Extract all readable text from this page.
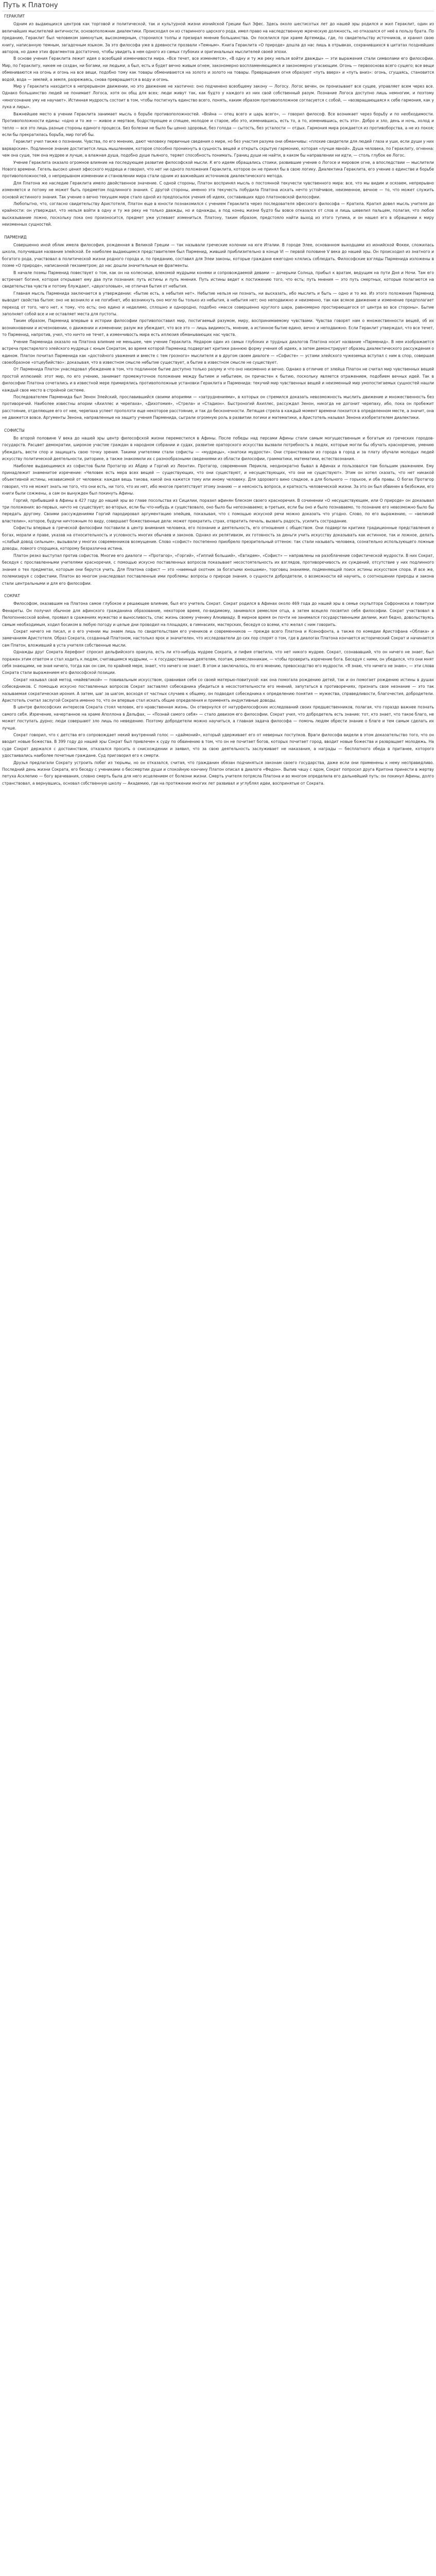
Путь к Платону

ГЕРАКЛИТ

Одним из выдающихся центров как торговой и политической, так и культурной жизни ионийской Греции был Эфес. Здесь около шестисотых лет до нашей эры родился и жил Гераклит, один из величайших мыслителей античности, основоположник диалектики. Происходил он из старинного царского рода, имел право на наследственную жреческую должность, но отказался от неё в пользу брата. По преданию, Гераклит был человеком замкнутым, высокомерным, сторонился толпы и презирал мнение большинства. Он поселился при храме Артемиды, где, по свидетельству источников, и хранил свою книгу, написанную темным, загадочным языком. За это философа уже в древности прозвали «Темным». Книга Гераклита «О природе» дошла до нас лишь в отрывках, сохранившихся в цитатах позднейших авторов, но даже этих фрагментов достаточно, чтобы увидеть в нем одного из самых глубоких и оригинальных мыслителей своей эпохи.

В основе учения Гераклита лежит идея о всеобщей изменчивости мира. «Все течет, все изменяется», «В одну и ту же реку нельзя войти дважды» — эти выражения стали символами его философии. Мир, по Гераклиту, никем не создан, ни богами, ни людьми, а был, есть и будет вечно живым огнем, закономерно воспламеняющимся и закономерно угасающим. Огонь — первооснова всего сущего; все вещи обмениваются на огонь и огонь на все вещи, подобно тому как товары обмениваются на золото и золото на товары. Превращения огня образуют «путь вверх» и «путь вниз»: огонь, сгущаясь, становится водой, вода — землей, а земля, разрежаясь, снова превращается в воду и огонь.

Мир у Гераклита находится в непрерывном движении, но это движение не хаотично: оно подчинено всеобщему закону — Логосу. Логос вечен, он пронизывает все сущее, управляет всем через все. Однако большинство людей не понимает Логоса, хотя он общ для всех; люди живут так, как будто у каждого из них свой собственный разум. Познание Логоса доступно лишь немногим, и поэтому «многознание уму не научает». Истинная мудрость состоит в том, чтобы постигнуть единство всего, понять, каким образом противоположное согласуется с собой, — «возвращающаяся к себе гармония, как у лука и лиры».

Важнейшее место в учении Гераклита занимает мысль о борьбе противоположностей. «Война — отец всего и царь всего», — говорил философ. Все возникает через борьбу и по необходимости. Противоположности едины: «одно и то же — живое и мертвое, бодрствующее и спящее, молодое и старое, ибо это, изменившись, есть то, а то, изменившись, есть это». Добро и зло, день и ночь, холод и тепло — все это лишь разные стороны единого процесса. Без болезни не было бы ценно здоровье, без голода — сытость, без усталости — отдых. Гармония мира рождается из противоборства, а не из покоя; если бы прекратилась борьба, мир погиб бы.

Гераклит учил также о познании. Чувства, по его мнению, дают человеку первичные сведения о мире, но без участия разума они обманчивы: «плохие свидетели для людей глаза и уши, если души у них варварские». Подлинное знание достигается лишь мышлением, которое способно проникнуть в сущность вещей и открыть скрытую гармонию, которая «лучше явной». Душа человека, по Гераклиту, огненна: чем она суше, тем она мудрее и лучше, а влажная душа, подобно душе пьяного, теряет способность понимать. Границ души не найти, в каком бы направлении ни идти, — столь глубок ее Логос.

Учение Гераклита оказало огромное влияние на последующее развитие философской мысли. К его идеям обращались стоики, развившие учение о Логосе и мировом огне, а впоследствии — мыслители Нового времени. Гегель высоко ценил эфесского мудреца и говорил, что нет ни одного положения Гераклита, которое он не принял бы в свою логику. Диалектика Гераклита, его учение о единстве и борьбе противоположностей, о непрерывном изменении и становлении мира стали одним из важнейших источников диалектического метода.

Для Платона же наследие Гераклита имело двойственное значение. С одной стороны, Платон воспринял мысль о постоянной текучести чувственного мира: все, что мы видим и осязаем, непрерывно изменяется и потому не может быть предметом подлинного знания. С другой стороны, именно эта текучесть побудила Платона искать нечто устойчивое, неизменное, вечное — то, что может служить основой истинного знания. Так учение о вечно текущем мире стало одной из предпосылок учения об идеях, составивших ядро платоновской философии.

Любопытно, что, согласно свидетельству Аристотеля, Платон еще в юности познакомился с учением Гераклита через последователя эфесского философа — Кратила. Кратил довел мысль учителя до крайности: он утверждал, что нельзя войти в одну и ту же реку не только дважды, но и однажды, а под конец жизни будто бы вовсе отказался от слов и лишь шевелил пальцем, полагая, что любое высказывание ложно, поскольку пока оно произносится, предмет уже успевает измениться. Платону, таким образом, предстояло найти выход из этого тупика, и он нашел его в обращении к миру неизменных сущностей.

ПАРМЕНИД

Совершенно иной облик имела философия, рожденная в Великой Греции — так называли греческие колонии на юге Италии. В городе Элее, основанном выходцами из ионийской Фокеи, сложилась школа, получившая название элейской. Ее наиболее выдающимся представителем был Парменид, живший приблизительно в конце VI — первой половине V века до нашей эры. Он происходил из знатного и богатого рода, участвовал в политической жизни родного города и, по преданию, составил для Элеи законы, которые граждане ежегодно клялись соблюдать. Философские взгляды Парменида изложены в поэме «О природе», написанной гекзаметром; до нас дошли значительные ее фрагменты.

В начале поэмы Парменид повествует о том, как он на колеснице, влекомой мудрыми конями и сопровождаемой девами — дочерьми Солнца, прибыл к вратам, ведущим на пути Дня и Ночи. Там его встречает богиня, которая открывает ему два пути познания: путь истины и путь мнения. Путь истины ведет к постижению того, что есть; путь мнения — это путь смертных, которые полагаются на свидетельства чувств и потому блуждают, «двухголовые», не отличая бытия от небытия.

Главная мысль Парменида заключается в утверждении: «бытие есть, а небытия нет». Небытие нельзя ни познать, ни высказать, ибо мыслить и быть — одно и то же. Из этого положения Парменид выводит свойства бытия: оно не возникло и не погибнет, ибо возникнуть оно могло бы только из небытия, а небытия нет; оно неподвижно и неизменно, так как всякое движение и изменение предполагает переход от того, чего нет, к тому, что есть; оно едино и неделимо, сплошно и однородно, подобно «массе совершенно круглого шара, равномерно простирающегося от центра во все стороны». Бытие заполняет собой все и не оставляет места для пустоты.

Таким образом, Парменид впервые в истории философии противопоставил мир, постигаемый разумом, миру, воспринимаемому чувствами. Чувства говорят нам о множественности вещей, об их возникновении и исчезновении, о движении и изменении; разум же убеждает, что все это — лишь видимость, мнение, а истинное бытие едино, вечно и неподвижно. Если Гераклит утверждал, что все течет, то Парменид, напротив, учил, что ничто не течет, а изменчивость мира есть иллюзия обманывающих нас чувств.

Учение Парменида оказало на Платона влияние не меньшее, чем учение Гераклита. Недаром один из самых глубоких и трудных диалогов Платона носит название «Парменид». В нем изображается встреча престарелого элейского мудреца с юным Сократом, во время которой Парменид подвергает критике раннюю форму учения об идеях, а затем демонстрирует образец диалектического рассуждения о едином. Платон почитал Парменида как «достойного уважения и вместе с тем грозного» мыслителя и в другом своем диалоге — «Софисте» — устами элейского чужеземца вступал с ним в спор, совершая своеобразное «отцеубийство»: доказывая, что в известном смысле небытие существует, а бытие в известном смысле не существует.

От Парменида Платон унаследовал убеждение в том, что подлинное бытие доступно только разуму и что оно неизменно и вечно. Однако в отличие от элейца Платон не считал мир чувственных вещей простой иллюзией: этот мир, по его учению, занимает промежуточное положение между бытием и небытием, он причастен к бытию, поскольку является отражением, подобием вечных идей. Так в философии Платона сочетались и в известной мере примирялись противоположные установки Гераклита и Парменида: текучий мир чувственных вещей и неизменный мир умопостигаемых сущностей нашли каждый свое место в стройной системе.

Последователем Парменида был Зенон Элейский, прославившийся своими апориями — «затруднениями», в которых он стремился доказать невозможность мыслить движение и множественность без противоречий. Наиболее известны апории «Ахиллес и черепаха», «Дихотомия», «Стрела» и «Стадион». Быстроногий Ахиллес, рассуждал Зенон, никогда не догонит черепаху, ибо, пока он пробежит расстояние, отделяющее его от нее, черепаха успеет проползти еще некоторое расстояние, и так до бесконечности. Летящая стрела в каждый момент времени покоится в определенном месте, а значит, она не движется вовсе. Аргументы Зенона, направленные на защиту учения Парменида, сыграли огромную роль в развитии логики и математики, а Аристотель называл Зенона изобретателем диалектики.

СОФИСТЫ

Во второй половине V века до нашей эры центр философской жизни переместился в Афины. После победы над персами Афины стали самым могущественным и богатым из греческих городов-государств. Расцвет демократии, широкое участие граждан в народном собрании и судах, развитие ораторского искусства вызвали потребность в людях, которые могли бы обучать красноречию, умению убеждать, вести спор и защищать свою точку зрения. Такими учителями стали софисты — «мудрецы», «знатоки мудрости». Они странствовали из города в город и за плату обучали молодых людей искусству политической деятельности, риторике, а также знакомили их с разнообразными сведениями из области философии, грамматики, математики, естествознания.

Наиболее выдающимися из софистов были Протагор из Абдер и Горгий из Леонтин. Протагор, современник Перикла, неоднократно бывал в Афинах и пользовался там большим уважением. Ему принадлежит знаменитое изречение: «Человек есть мера всех вещей — существующих, что они существуют, и несуществующих, что они не существуют». Этим он хотел сказать, что нет никакой объективной истины, независимой от человека: каждая вещь такова, какой она кажется тому или иному человеку. Для здорового вино сладкое, а для больного — горькое, и оба правы. О богах Протагор говорил, что не может знать ни того, что они есть, ни того, что их нет, ибо многое препятствует этому знанию — и неясность вопроса, и краткость человеческой жизни. За это он был обвинен в безбожии, его книги были сожжены, а сам он вынужден был покинуть Афины.

Горгий, прибывший в Афины в 427 году до нашей эры во главе посольства из Сицилии, поразил афинян блеском своего красноречия. В сочинении «О несуществующем, или О природе» он доказывал три положения: во-первых, ничто не существует; во-вторых, если бы что-нибудь и существовало, оно было бы непознаваемо; в-третьих, если бы оно и было познаваемо, то познание его невозможно было бы передать другому. Своими рассуждениями Горгий пародировал аргументацию элейцев, показывая, что с помощью искусной речи можно доказать что угодно. Слово, по его выражению, — «великий властелин», которое, будучи ничтожным по виду, совершает божественные дела: может прекратить страх, отвратить печаль, вызвать радость, усилить сострадание.

Софисты впервые в греческой философии поставили в центр внимания человека, его познание и деятельность, его отношения с обществом. Они подвергли критике традиционные представления о богах, морали и праве, указав на относительность и условность многих обычаев и законов. Однако их релятивизм, их готовность за деньги учить искусству доказывать как истинное, так и ложное, делать «слабый довод сильным», вызывали у многих современников возмущение. Слово «софист» постепенно приобрело презрительный оттенок: так стали называть человека, сознательно использующего ложные доводы, ловкого спорщика, которому безразлична истина.

Платон резко выступал против софистов. Многие его диалоги — «Протагор», «Горгий», «Гиппий больший», «Евтидем», «Софист» — направлены на разоблачение софистической мудрости. В них Сократ, беседуя с прославленными учителями красноречия, с помощью искусно поставленных вопросов показывает несостоятельность их взглядов, противоречивость их суждений, отсутствие у них подлинного знания о тех предметах, которым они берутся учить. Для Платона софист — это «наемный охотник за богатыми юношами», торговец знаниями, подменяющий поиск истины искусством спора. И все же, полемизируя с софистами, Платон во многом унаследовал поставленные ими проблемы: вопросы о природе знания, о сущности добродетели, о возможности ей научить, о соотношении природы и закона стали центральными и для его философии.

СОКРАТ

Философом, оказавшим на Платона самое глубокое и решающее влияние, был его учитель Сократ. Сократ родился в Афинах около 469 года до нашей эры в семье скульптора Софрониска и повитухи Фенареты. Он получил обычное для афинского гражданина образование, некоторое время, по-видимому, занимался ремеслом отца, а затем всецело посвятил себя философии. Сократ участвовал в Пелопоннесской войне, проявил в сражениях мужество и выносливость, спас жизнь своему ученику Алкивиаду. В мирное время он почти не занимался государственными делами, жил бедно, довольствуясь самым необходимым, ходил босиком в любую погоду и целые дни проводил на площадях, в гимнасиях, мастерских, беседуя со всеми, кто желал с ним говорить.

Сократ ничего не писал, и о его учении мы знаем лишь по свидетельствам его учеников и современников — прежде всего Платона и Ксенофонта, а также по комедии Аристофана «Облака» и замечаниям Аристотеля. Образ Сократа, созданный Платоном, настолько ярок и значителен, что исследователи до сих пор спорят о том, где в диалогах Платона кончается исторический Сократ и начинается сам Платон, вложивший в уста учителя собственные мысли.

Однажды друг Сократа Херефонт спросил дельфийского оракула, есть ли кто-нибудь мудрее Сократа, и пифия ответила, что нет никого мудрее. Сократ, сознававший, что он ничего не знает, был поражен этим ответом и стал ходить к людям, считавшимся мудрыми, — к государственным деятелям, поэтам, ремесленникам, — чтобы проверить изречение бога. Беседуя с ними, он убедился, что они мнят себя знающими, не зная ничего, тогда как он сам, по крайней мере, знает, что ничего не знает. В этом и заключалось, по его мнению, превосходство его мудрости. «Я знаю, что ничего не знаю», — эти слова Сократа стали выражением его философской позиции.

Сократ называл свой метод «майевтикой» — повивальным искусством, сравнивая себя со своей матерью-повитухой: как она помогала рождению детей, так и он помогает рождению истины в душах собеседников. С помощью искусно поставленных вопросов Сократ заставлял собеседника убедиться в несостоятельности его мнений, запутаться в противоречиях, признать свое незнание — это так называемая сократическая ирония. А затем, шаг за шагом, восходя от частных случаев к общему, он подводил собеседника к определению понятия — мужества, справедливости, благочестия, добродетели. Аристотель считал заслугой Сократа именно то, что он впервые стал искать общие определения и применять индуктивные доводы.

В центре философских интересов Сократа стоял человек, его нравственная жизнь. Он отвернулся от натурфилософских исследований своих предшественников, полагая, что гораздо важнее познать самого себя. Изречение, начертанное на храме Аполлона в Дельфах, — «Познай самого себя» — стало девизом его философии. Сократ учил, что добродетель есть знание: тот, кто знает, что такое благо, не может поступать дурно; люди совершают зло лишь по неведению. Поэтому добродетели можно научиться, а главная задача философа — помочь людям обрести знание о благе и тем самым сделать их лучше.

Сократ говорил, что с детства его сопровождает некий внутренний голос — «даймоний», который удерживает его от неверных поступков. Враги философа видели в этом доказательство того, что он вводит новые божества. В 399 году до нашей эры Сократ был привлечен к суду по обвинению в том, что он не почитает богов, которых почитает город, вводит новые божества и развращает молодежь. На суде Сократ держался с достоинством, отказался просить о снисхождении и заявил, что за свою деятельность заслуживает не наказания, а награды — бесплатного обеда в пританее, которого удостаивались наиболее почетные граждане. Суд приговорил его к смерти.

Друзья предлагали Сократу устроить побег из тюрьмы, но он отказался, считая, что гражданин обязан подчиняться законам своего государства, даже если они применены к нему несправедливо. Последний день жизни Сократа, его беседу с учениками о бессмертии души и спокойную кончину Платон описал в диалоге «Федон». Выпив чашу с ядом, Сократ попросил друга Критона принести в жертву петуха Асклепию — богу врачевания, словно смерть была для него исцелением от болезни жизни. Смерть учителя потрясла Платона и во многом определила его дальнейший путь: он покинул Афины, долго странствовал, а вернувшись, основал собственную школу — Академию, где на протяжении многих лет развивал и углублял идеи, воспринятые от Сократа.
